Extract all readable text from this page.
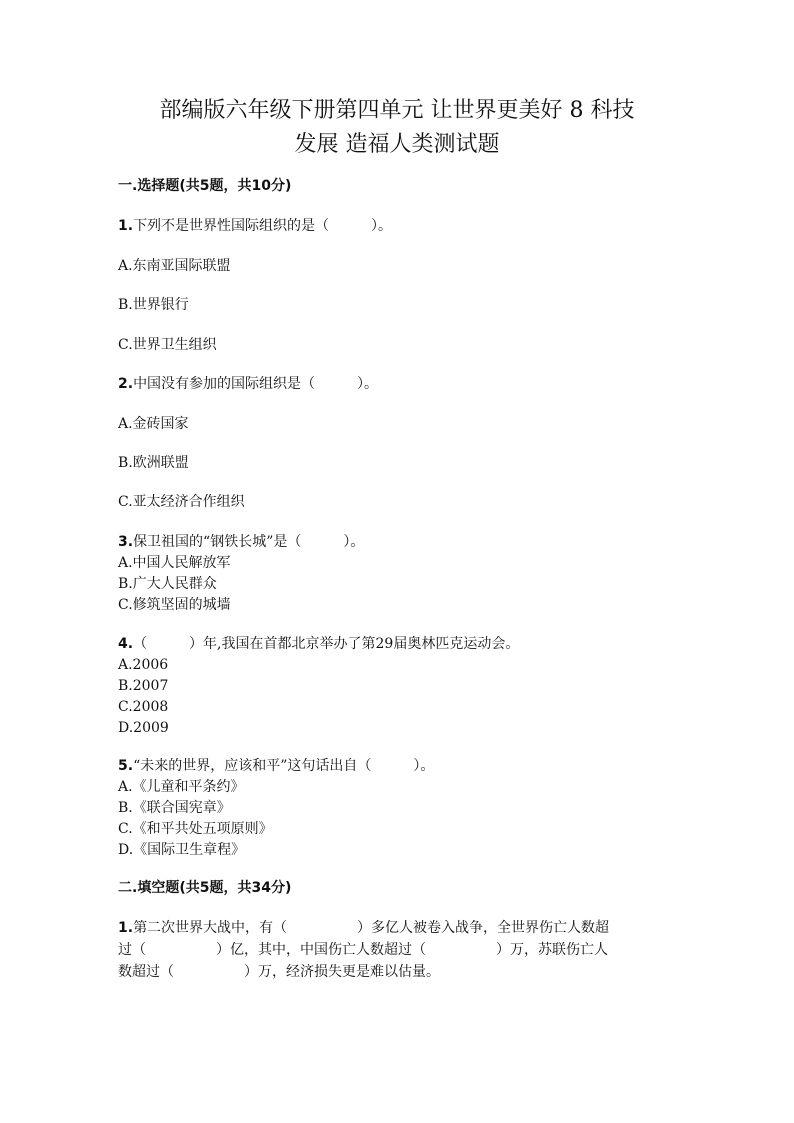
部编版六年级下册第四单元 让世界更美好 8 科技
发展 造福人类测试题
一.选择题(共5题，共10分)
1.下列不是世界性国际组织的是（　　　）。
A.东南亚国际联盟
B.世界银行
C.世界卫生组织
2.中国没有参加的国际组织是（　　　）。
A.金砖国家
B.欧洲联盟
C.亚太经济合作组织
3.保卫祖国的“钢铁长城”是（　　　）。
A.中国人民解放军
B.广大人民群众
C.修筑坚固的城墙
4.（　　　）年,我国在首都北京举办了第29届奥林匹克运动会。
A.2006
B.2007
C.2008
D.2009
5.“未来的世界，应该和平”这句话出自（　　　）。
A.《儿童和平条约》
B.《联合国宪章》
C.《和平共处五项原则》
D.《国际卫生章程》
二.填空题(共5题，共34分)
1.第二次世界大战中，有（　　　　　）多亿人被卷入战争，全世界伤亡人数超
过（　　　　　）亿，其中，中国伤亡人数超过（　　　　　）万，苏联伤亡人
数超过（　　　　　）万，经济损失更是难以估量。
